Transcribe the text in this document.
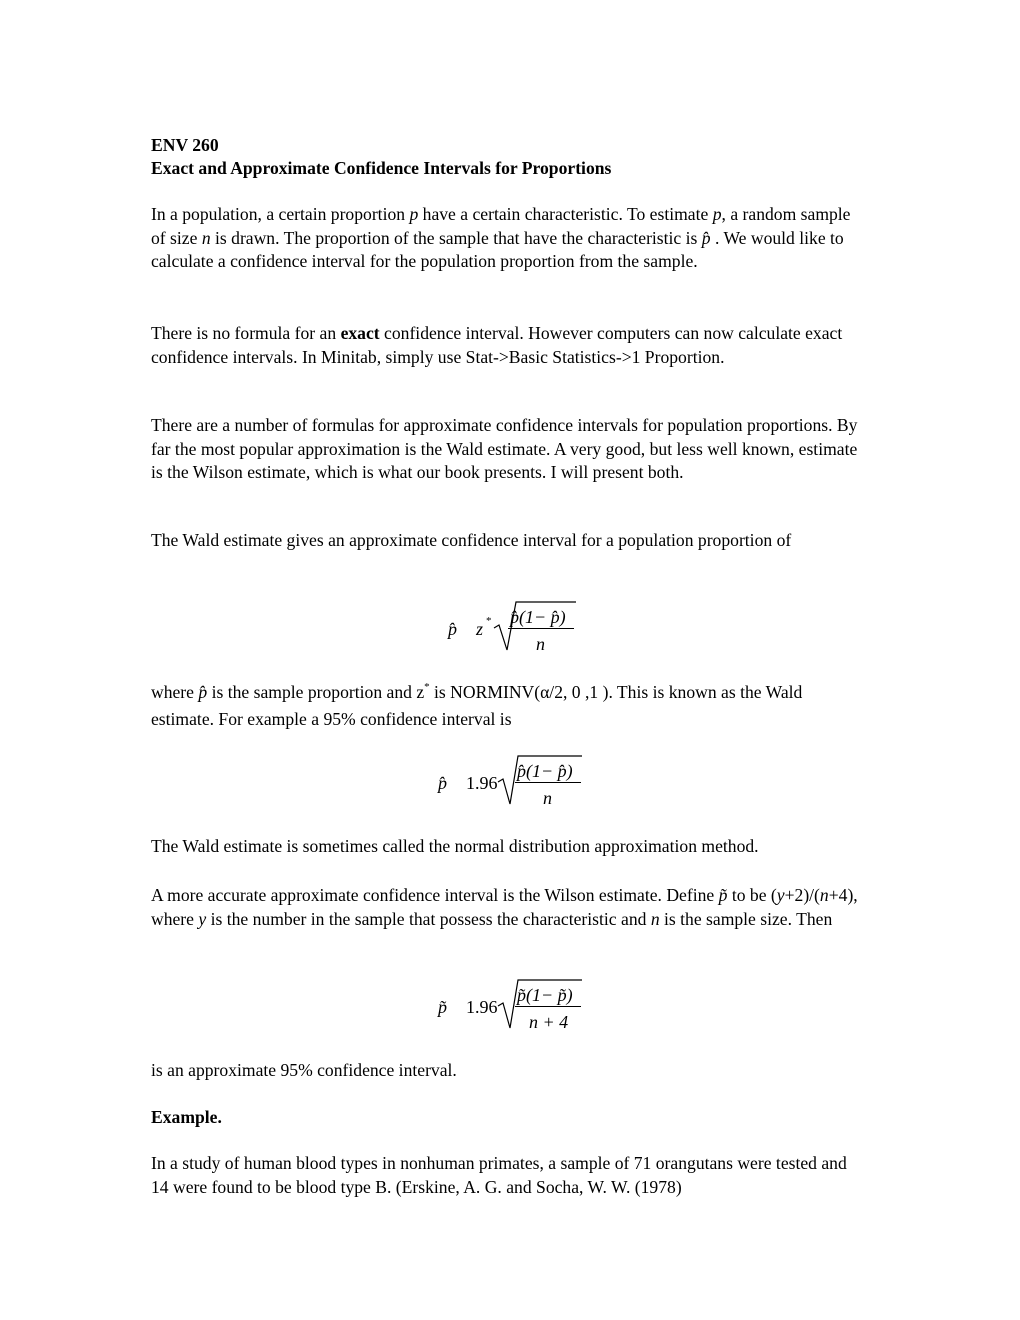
ENV 260

Exact and Approximate Confidence Intervals for Proportions

In a population, a certain proportion p have a certain characteristic. To estimate p, a random sample of size n is drawn. The proportion of the sample that have the characteristic is p̂ . We would like to calculate a confidence interval for the population proportion from the sample.

There is no formula for an exact confidence interval. However computers can now calculate exact confidence intervals. In Minitab, simply use Stat->Basic Statistics->1 Proportion.

There are a number of formulas for approximate confidence intervals for population proportions. By far the most popular approximation is the Wald estimate. A very good, but less well known, estimate is the Wilson estimate, which is what our book presents. I will present both.

The Wald estimate gives an approximate confidence interval for a population proportion of

p̂ z * p̂(1− p̂)
n

where p̂ is the sample proportion and z* is NORMINV(α/2, 0 ,1 ). This is known as the Wald estimate. For example a 95% confidence interval is

p̂ 1.96
p̂(1− p̂)
n

The Wald estimate is sometimes called the normal distribution approximation method.

A more accurate approximate confidence interval is the Wilson estimate. Define p̃ to be (y+2)/(n+4), where y is the number in the sample that possess the characteristic and n is the sample size. Then

p̃ 1.96
p̃(1− p̃)
n + 4

is an approximate 95% confidence interval.

Example.

In a study of human blood types in nonhuman primates, a sample of 71 orangutans were tested and 14 were found to be blood type B. (Erskine, A. G. and Socha, W. W. (1978)
